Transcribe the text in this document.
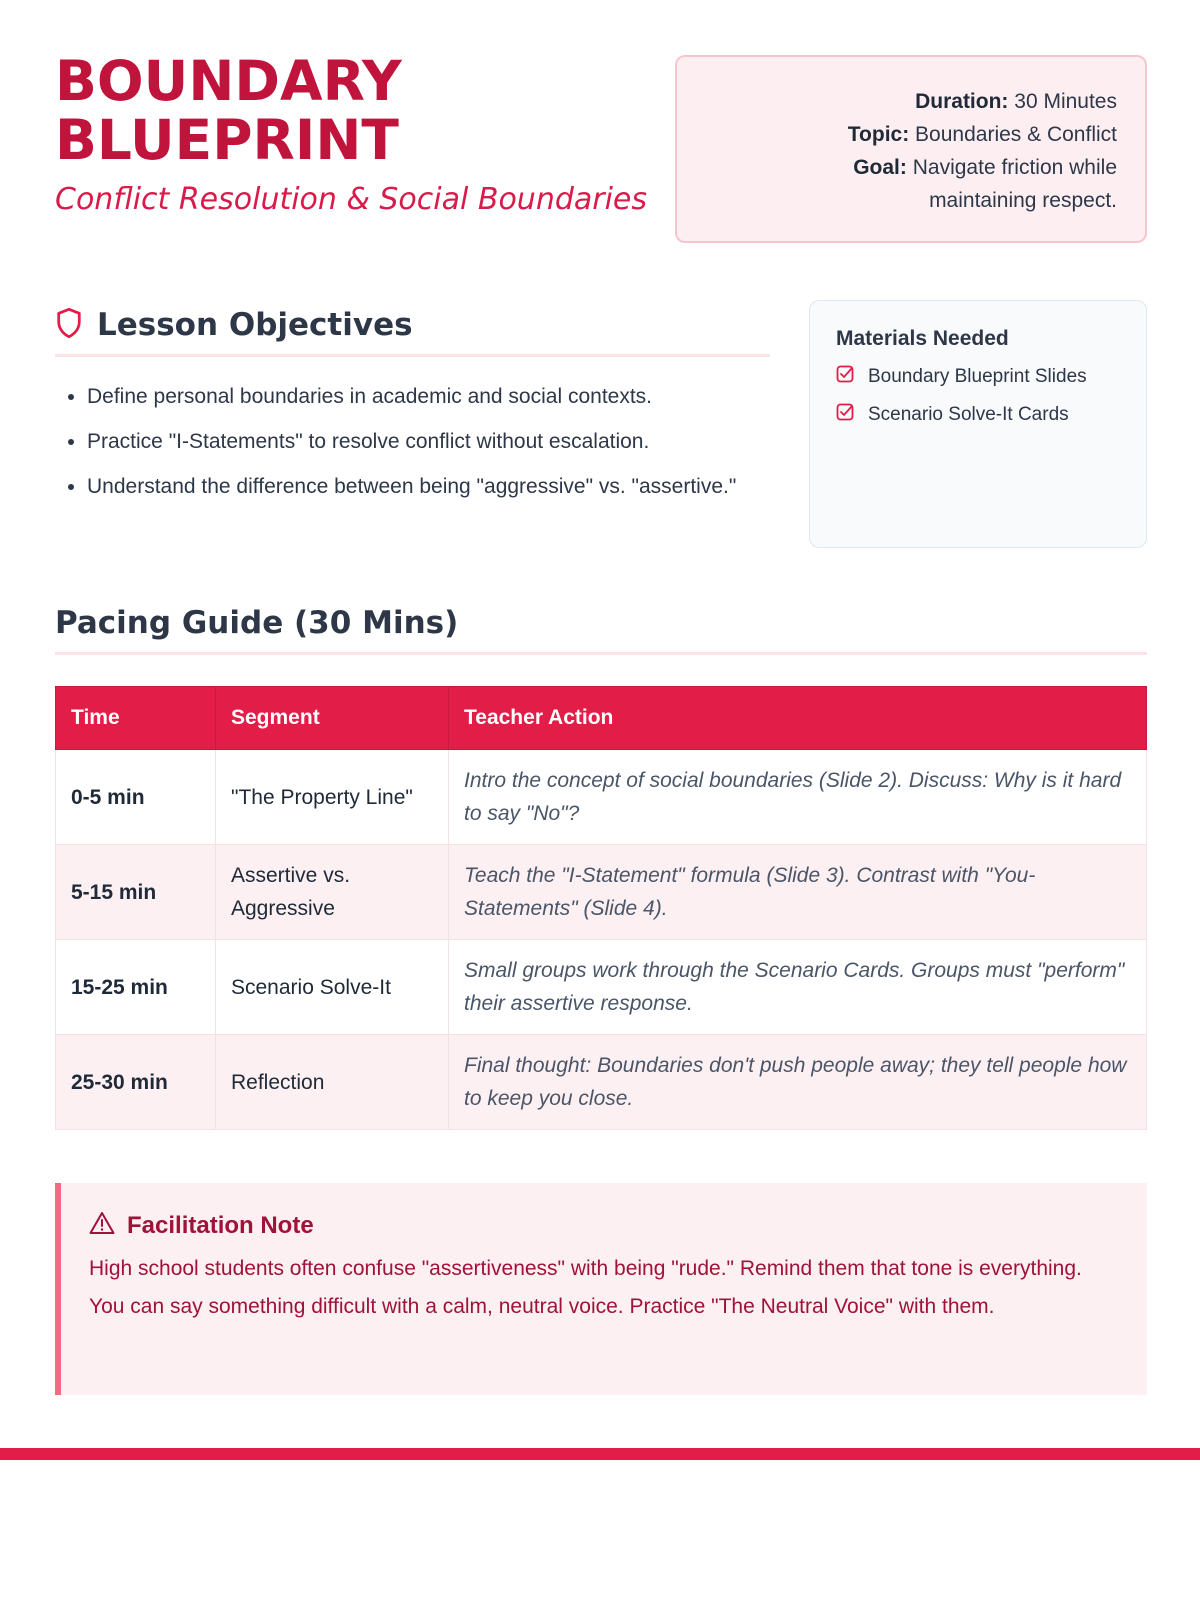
BOUNDARY
BLUEPRINT
Conflict Resolution & Social Boundaries
Duration: 30 Minutes
Topic: Boundaries & Conflict
Goal: Navigate friction while
maintaining respect.
Lesson Objectives
• Define personal boundaries in academic and social contexts.
• Practice "I-Statements" to resolve conflict without escalation.
• Understand the difference between being "aggressive" vs. "assertive."
Materials Needed
Boundary Blueprint Slides
Scenario Solve-It Cards
Pacing Guide (30 Mins)
Time	Segment	Teacher Action
0-5 min	"The Property Line"	Intro the concept of social boundaries (Slide 2). Discuss: Why is it hard to say "No"?
5-15 min	Assertive vs. Aggressive	Teach the "I-Statement" formula (Slide 3). Contrast with "You-Statements" (Slide 4).
15-25 min	Scenario Solve-It	Small groups work through the Scenario Cards. Groups must "perform" their assertive response.
25-30 min	Reflection	Final thought: Boundaries don't push people away; they tell people how to keep you close.
Facilitation Note

High school students often confuse "assertiveness" with being "rude." Remind them that tone is everything. You can say something difficult with a calm, neutral voice. Practice "The Neutral Voice" with them.
